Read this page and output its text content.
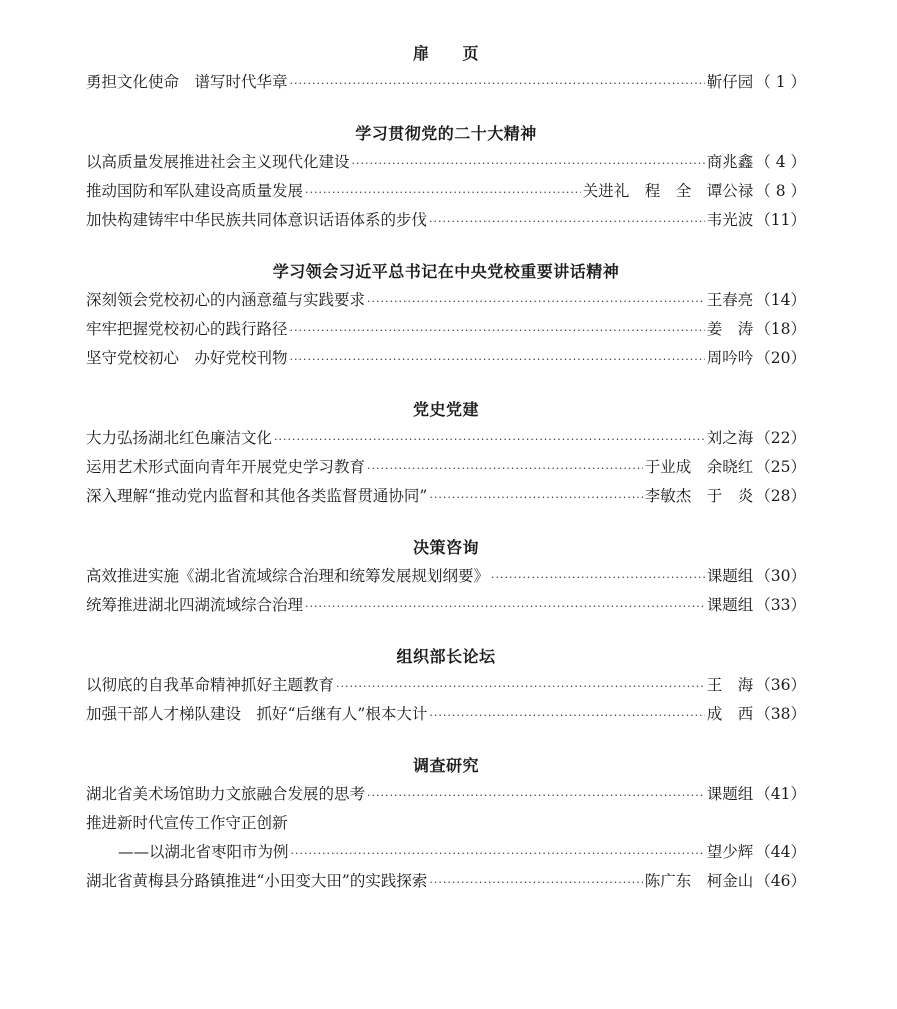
扉　　页
勇担文化使命　谱写时代华章 ·····	靳仔园 （ 1 ）
学习贯彻党的二十大精神
以高质量发展推进社会主义现代化建设 ·····	商兆鑫 （ 4 ）
推动国防和军队建设高质量发展 ·····	关进礼　程　全　谭公禄 （ 8 ）
加快构建铸牢中华民族共同体意识话语体系的步伐 ·····	韦光波 （11）
学习领会习近平总书记在中央党校重要讲话精神
深刻领会党校初心的内涵意蕴与实践要求 ·····	王春亮 （14）
牢牢把握党校初心的践行路径 ·····	姜　涛 （18）
坚守党校初心　办好党校刊物 ·····	周吟吟 （20）
党史党建
大力弘扬湖北红色廉洁文化 ·····	刘之海 （22）
运用艺术形式面向青年开展党史学习教育 ·····	于业成　余晓红 （25）
深入理解“推动党内监督和其他各类监督贯通协同” ·····	李敏杰　于　炎 （28）
决策咨询
高效推进实施《湖北省流域综合治理和统筹发展规划纲要》 ·····	课题组 （30）
统筹推进湖北四湖流域综合治理 ·····	课题组 （33）
组织部长论坛
以彻底的自我革命精神抓好主题教育 ·····	王　海 （36）
加强干部人才梯队建设　抓好“后继有人”根本大计 ·····	成　西 （38）
调查研究
湖北省美术场馆助力文旅融合发展的思考 ·····	课题组 （41）
推进新时代宣传工作守正创新
——以湖北省枣阳市为例 ·····	望少辉 （44）
湖北省黄梅县分路镇推进“小田变大田”的实践探索 ·····	陈广东　柯金山 （46）
